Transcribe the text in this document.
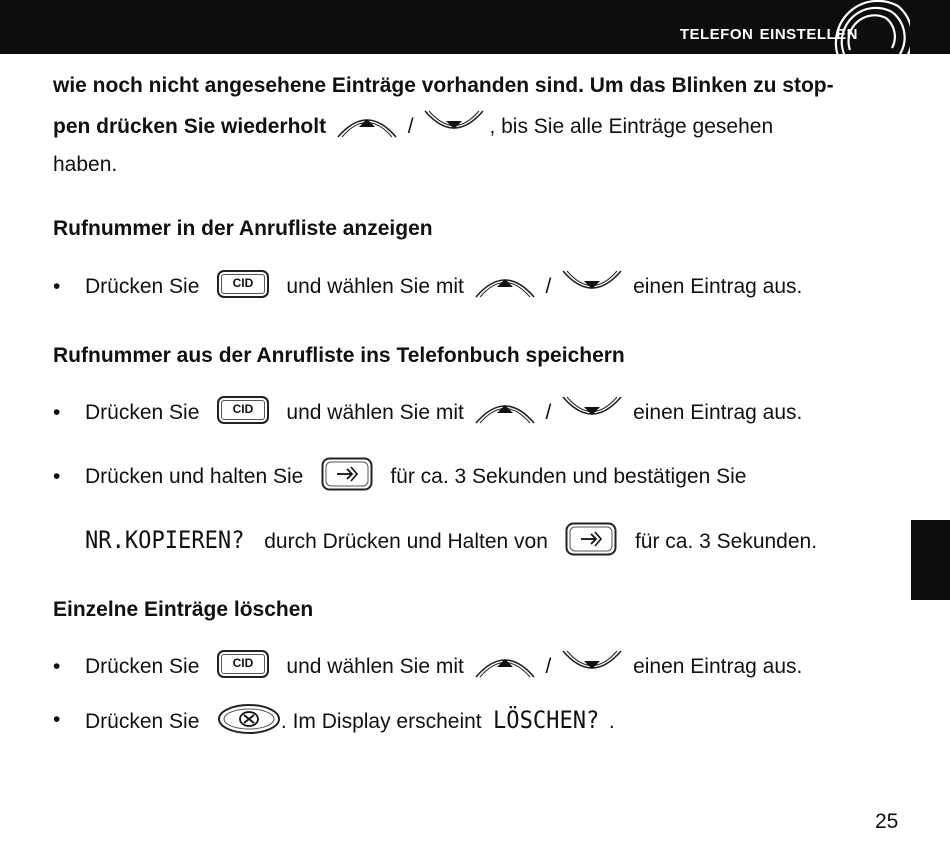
telefon einstellen
wie noch nicht angesehene Einträge vorhanden sind. Um das Blinken zu stop-
pen drücken Sie wiederholt	/	, bis Sie alle Einträge gesehen
haben.
Rufnummer in der Anrufliste anzeigen
• Drücken Sie	CID und wählen Sie mit	/	einen Eintrag aus.
Rufnummer aus der Anrufliste ins Telefonbuch speichern
• Drücken Sie	CID und wählen Sie mit	/	einen Eintrag aus.
• Drücken und halten Sie	für ca. 3 Sekunden und bestätigen Sie
NR.KOPIEREN? durch Drücken und Halten von	für ca. 3 Sekunden.
Einzelne Einträge löschen
• Drücken Sie	CID und wählen Sie mit	/	einen Eintrag aus.
• Drücken Sie	. Im Display erscheint LÖSCHEN? .
25
